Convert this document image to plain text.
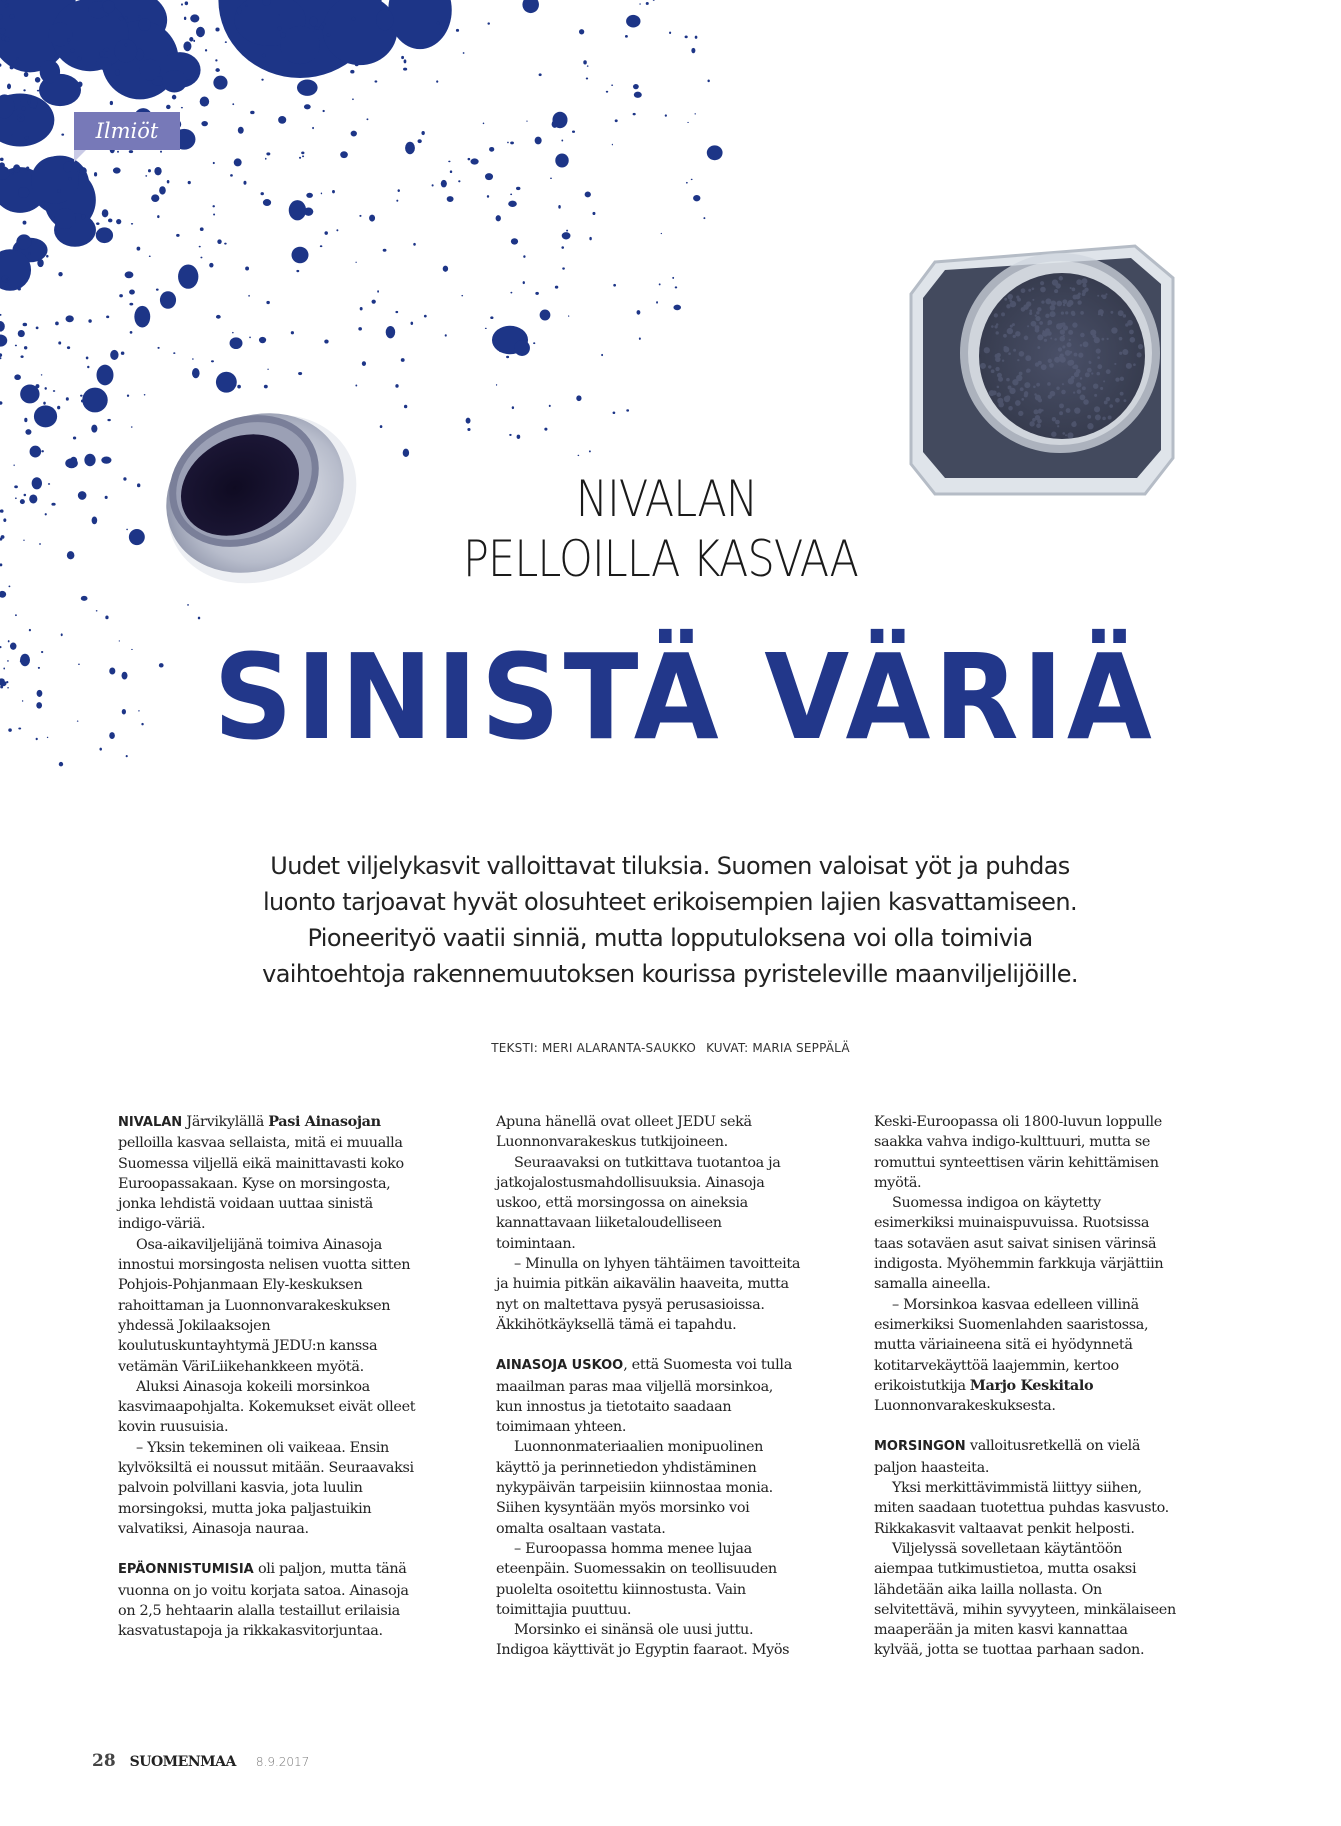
Ilmiöt
NIVALAN
PELLOILLA KASVAA
SINISTÄ VÄRIÄ
Uudet viljelykasvit valloittavat tiluksia. Suomen valoisat yöt ja puhdas
luonto tarjoavat hyvät olosuhteet erikoisempien lajien kasvattamiseen.
Pioneerityö vaatii sinniä, mutta lopputuloksena voi olla toimivia
vaihtoehtoja rakennemuutoksen kourissa pyristeleville maanviljelijöille.
TEKSTI: MERI ALARANTA-SAUKKO KUVAT: MARIA SEPPÄLÄ

NIVALAN Järvikylällä Pasi Ainasojan pelloilla kasvaa sellaista, mitä ei muualla Suomessa viljellä eikä mainittavasti koko Euroopassakaan. Kyse on morsingosta, jonka lehdistä voidaan uuttaa sinistä indigo-väriä.

Osa-aikaviljelijänä toimiva Ainasoja innostui morsingosta nelisen vuotta sitten Pohjois-Pohjanmaan Ely-keskuksen rahoittaman ja Luonnonvarakeskuksen yhdessä Jokilaaksojen koulutuskuntayhtymä JEDU:n kanssa vetämän VäriLiikehankkeen myötä.

Aluksi Ainasoja kokeili morsinkoa kasvimaapohjalta. Kokemukset eivät olleet kovin ruusuisia.

– Yksin tekeminen oli vaikeaa. Ensin kylvöksiltä ei noussut mitään. Seuraavaksi palvoin polvillani kasvia, jota luulin morsingoksi, mutta joka paljastuikin valvatiksi, Ainasoja nauraa.

EPÄONNISTUMISIA oli paljon, mutta tänä vuonna on jo voitu korjata satoa. Ainasoja on 2,5 hehtaarin alalla testaillut erilaisia kasvatustapoja ja rikkakasvitorjuntaa.

Apuna hänellä ovat olleet JEDU sekä Luonnonvarakeskus tutkijoineen.

Seuraavaksi on tutkittava tuotantoa ja jatkojalostusmahdollisuuksia. Ainasoja uskoo, että morsingossa on aineksia kannattavaan liiketaloudelliseen toimintaan.

– Minulla on lyhyen tähtäimen tavoitteita ja huimia pitkän aikavälin haaveita, mutta nyt on maltettava pysyä perusasioissa. Äkkihötkäyksellä tämä ei tapahdu.

AINASOJA USKOO, että Suomesta voi tulla maailman paras maa viljellä morsinkoa, kun innostus ja tietotaito saadaan toimimaan yhteen.

Luonnonmateriaalien monipuolinen käyttö ja perinnetiedon yhdistäminen nykypäivän tarpeisiin kiinnostaa monia. Siihen kysyntään myös morsinko voi omalta osaltaan vastata.

– Euroopassa homma menee lujaa eteenpäin. Suomessakin on teollisuuden puolelta osoitettu kiinnostusta. Vain toimittajia puuttuu.

Morsinko ei sinänsä ole uusi juttu. Indigoa käyttivät jo Egyptin faaraot. Myös

Keski-Euroopassa oli 1800-luvun loppulle saakka vahva indigo-kulttuuri, mutta se romuttui synteettisen värin kehittämisen myötä.

Suomessa indigoa on käytetty esimerkiksi muinaispuvuissa. Ruotsissa taas sotaväen asut saivat sinisen värinsä indigosta. Myöhemmin farkkuja värjättiin samalla aineella.

– Morsinkoa kasvaa edelleen villinä esimerkiksi Suomenlahden saaristossa, mutta väriaineena sitä ei hyödynnetä kotitarvekäyttöä laajemmin, kertoo erikoistutkija Marjo Keskitalo Luonnonvarakeskuksesta.

MORSINGON valloitusretkellä on vielä paljon haasteita.

Yksi merkittävimmistä liittyy siihen, miten saadaan tuotettua puhdas kasvusto. Rikkakasvit valtaavat penkit helposti.

Viljelyssä sovelletaan käytäntöön aiempaa tutkimustietoa, mutta osaksi lähdetään aika lailla nollasta. On selvitettävä, mihin syvyyteen, minkälaiseen maaperään ja miten kasvi kannattaa kylvää, jotta se tuottaa parhaan sadon.

28 SUOMENMAA 8.9.2017
